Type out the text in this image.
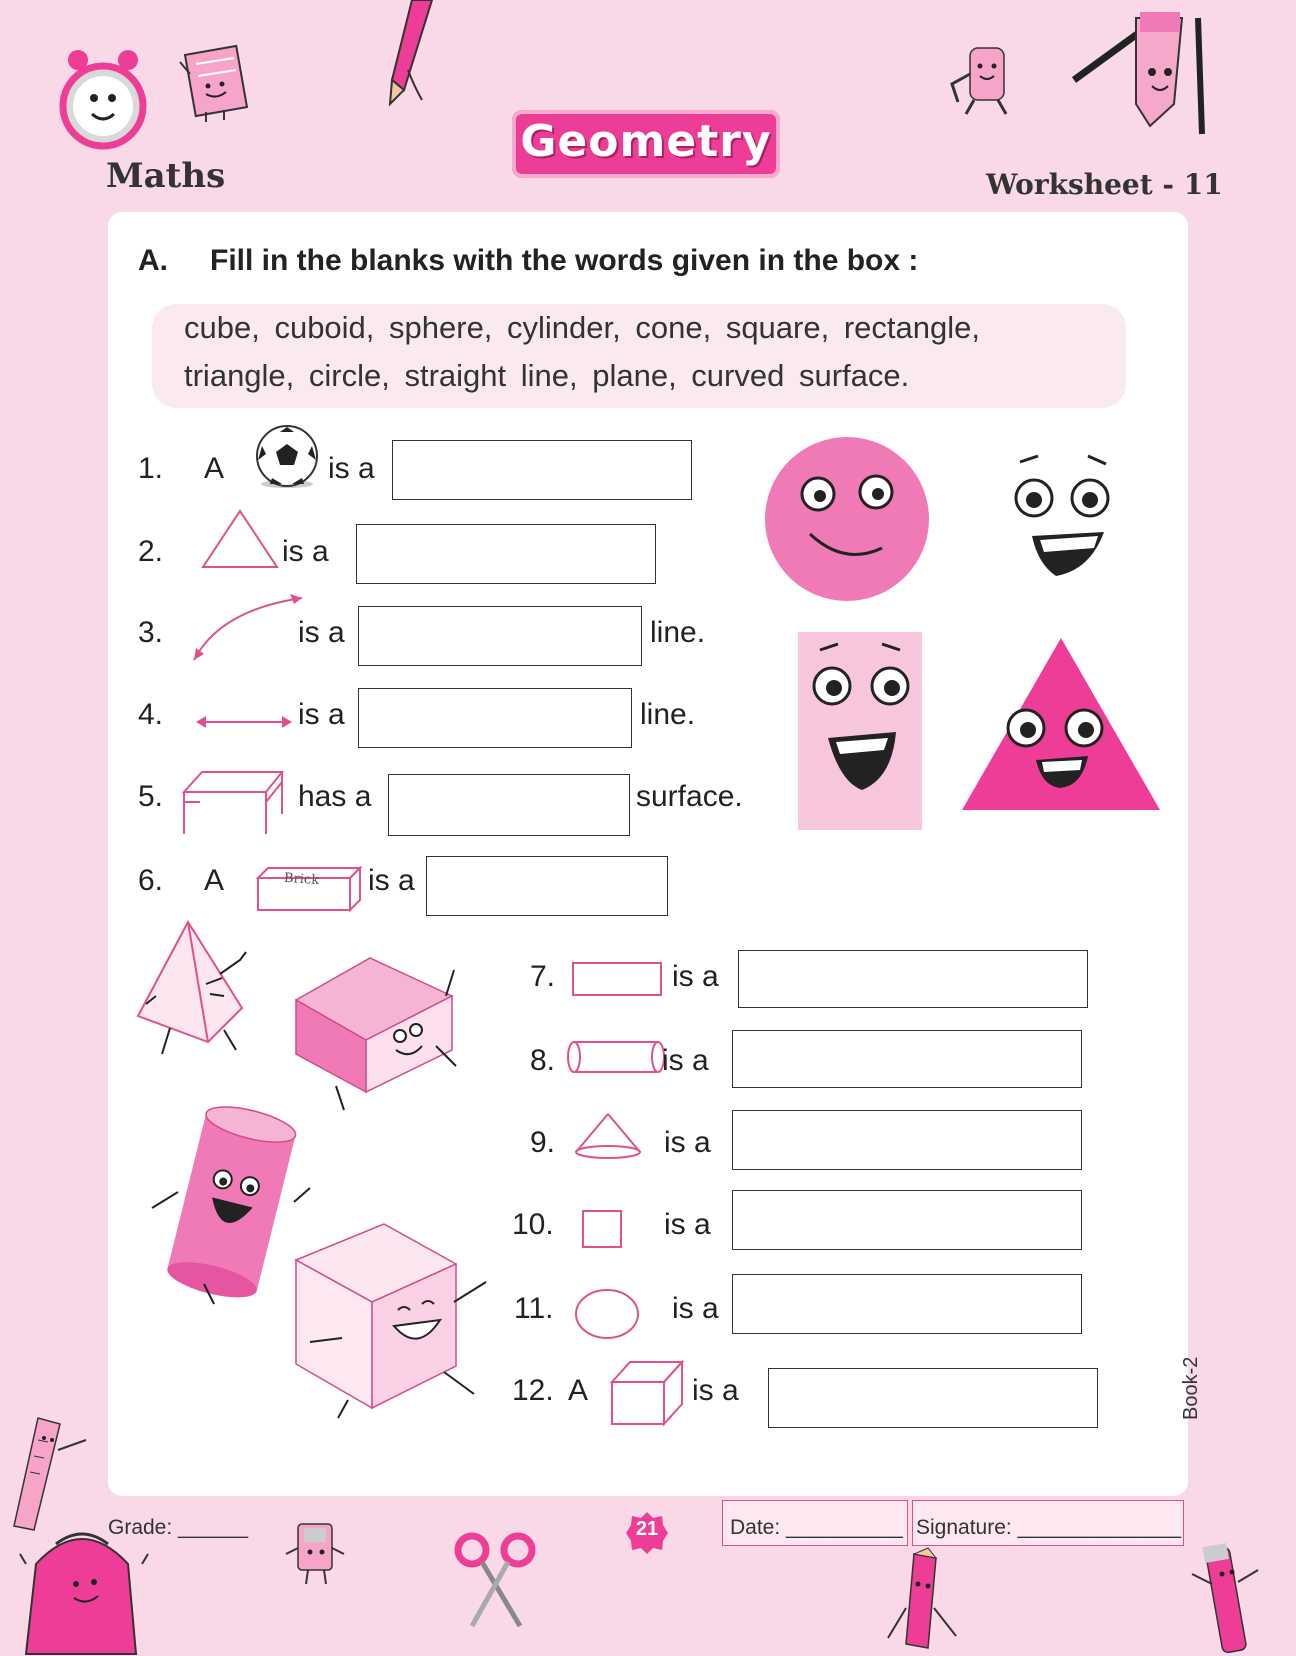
Maths
Geometry
Worksheet - 11
A. Fill in the blanks with the words given in the box :
cube, cuboid, sphere, cylinder, cone, square, rectangle,
triangle, circle, straight line, plane, curved surface.
1. A	is a
2.	is a
3.	is a	line.
4.	is a	line.
5.	has a	surface.
6. A	Brick is a
7.	is a
8.	is a
9.	is a
10.	is a
11.	is a
12. A	is a
Grade: ______	21	Date: __________ Signature: ______________
Book-2
